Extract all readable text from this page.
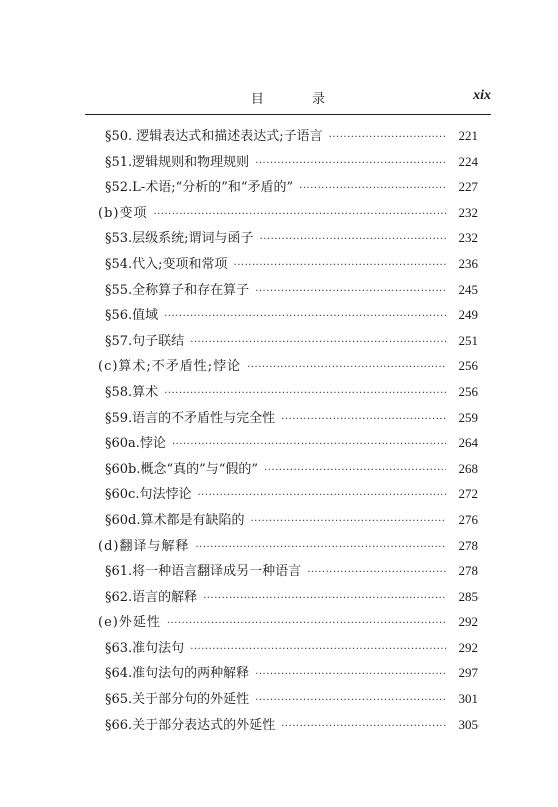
目 录	xix
§50. 逻辑表达式和描述表达式;子语言 ·····	221
§51.逻辑规则和物理规则 ·····	224
§52.L-术语;“分析的”和“矛盾的” ·····	227
(b)变项 ·····	232
§53.层级系统;谓词与函子 ·····	232
§54.代入;变项和常项 ·····	236
§55.全称算子和存在算子 ·····	245
§56.值域 ·····	249
§57.句子联结 ·····	251
(c)算术;不矛盾性;悖论 ·····	256
§58.算术 ·····	256
§59.语言的不矛盾性与完全性 ·····	259
§60a.悖论 ·····	264
§60b.概念“真的”与“假的” ·····	268
§60c.句法悖论 ·····	272
§60d.算术都是有缺陷的 ·····	276
(d)翻译与解释 ·····	278
§61.将一种语言翻译成另一种语言 ·····	278
§62.语言的解释 ·····	285
(e)外延性 ·····	292
§63.准句法句 ·····	292
§64.准句法句的两种解释 ·····	297
§65.关于部分句的外延性 ·····	301
§66.关于部分表达式的外延性 ·····	305
